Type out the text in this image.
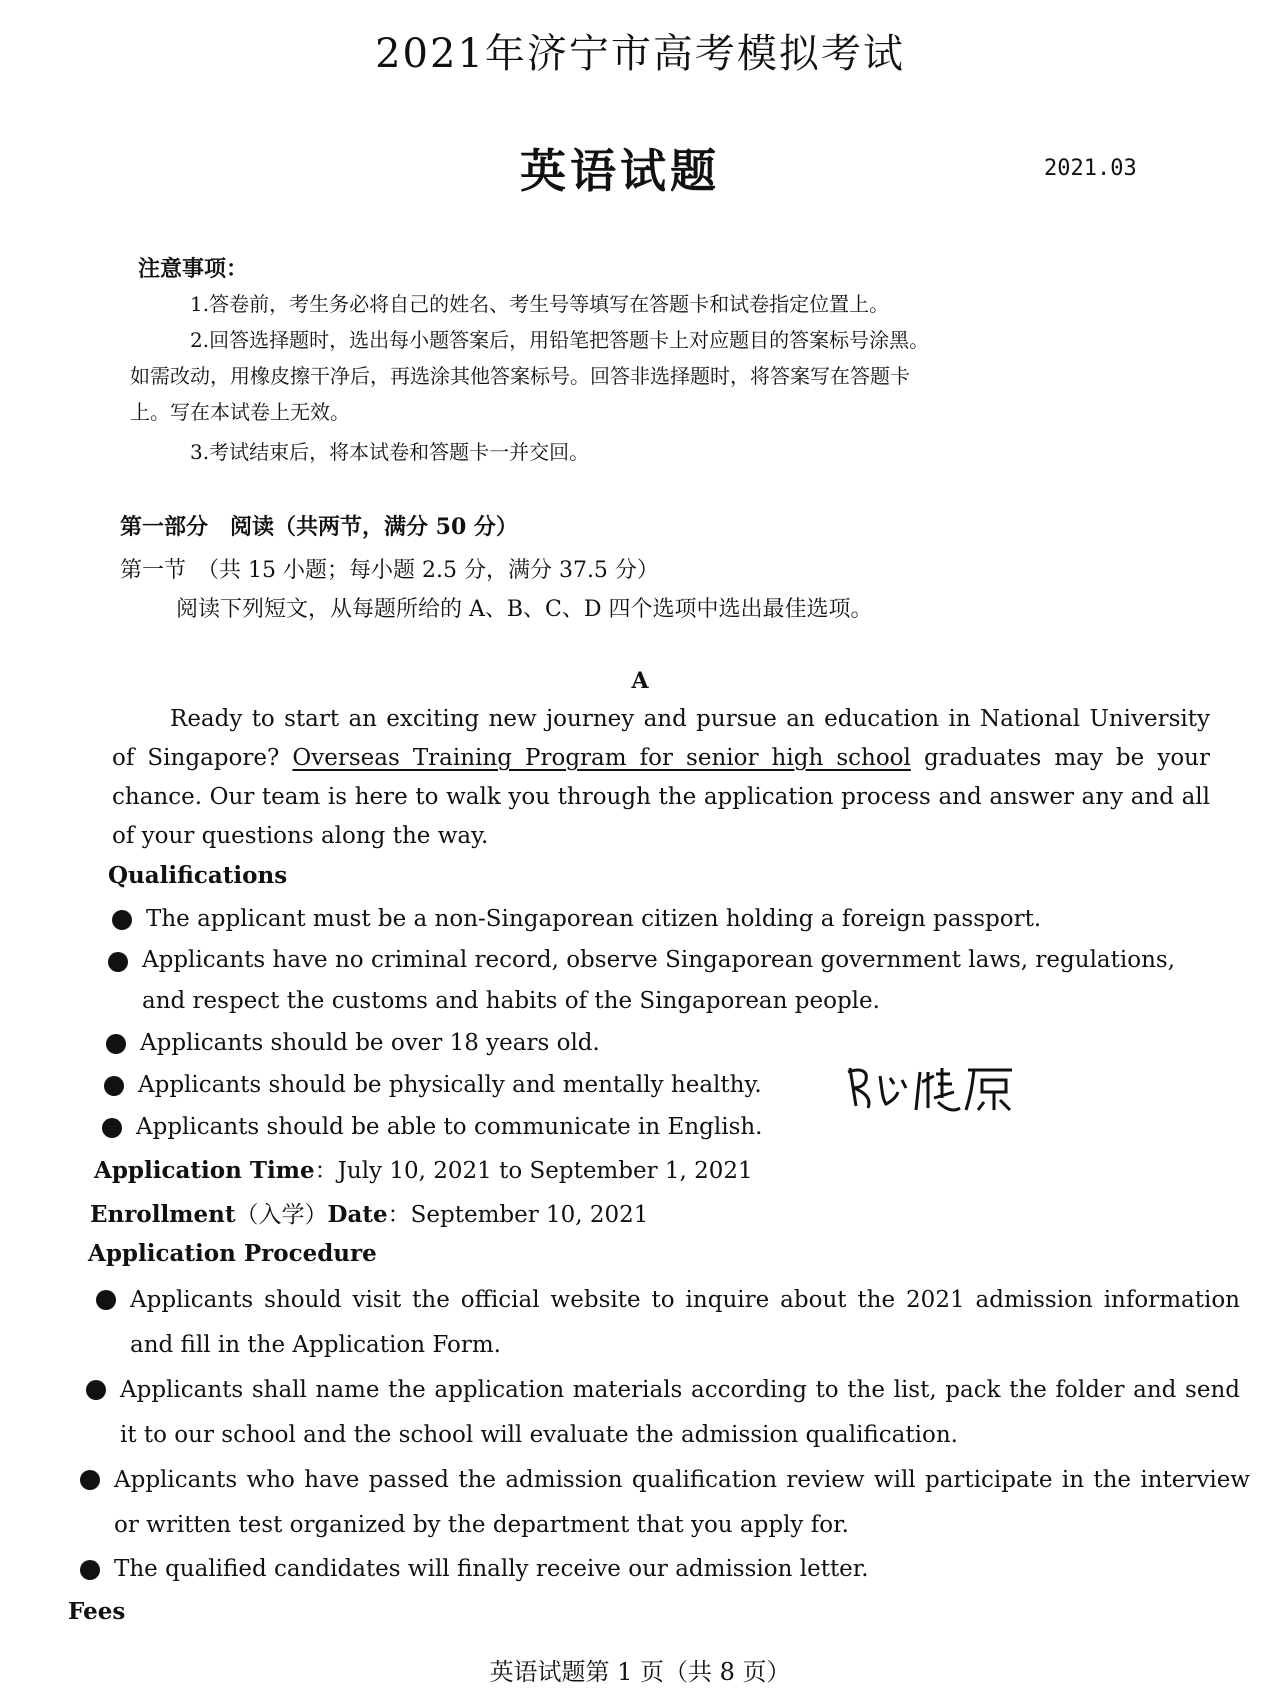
2021年济宁市高考模拟考试
英语试题	2021.03
注意事项：
1.答卷前，考生务必将自己的姓名、考生号等填写在答题卡和试卷指定位置上。
2.回答选择题时，选出每小题答案后，用铅笔把答题卡上对应题目的答案标号涂黑。
如需改动，用橡皮擦干净后，再选涂其他答案标号。回答非选择题时，将答案写在答题卡
上。写在本试卷上无效。
3.考试结束后，将本试卷和答题卡一并交回。
第一部分　阅读（共两节，满分 50 分）
第一节　（共 15 小题；每小题 2.5 分，满分 37.5 分）
阅读下列短文，从每题所给的 A、B、C、D 四个选项中选出最佳选项。
A
Ready to start an exciting new journey and pursue an education in National University of Singapore? Overseas Training Program for senior high school graduates may be your chance. Our team is here to walk you through the application process and answer any and all of your questions along the way.
Qualifications
The applicant must be a non-Singaporean citizen holding a foreign passport.
Applicants have no criminal record, observe Singaporean government laws, regulations, and respect the customs and habits of the Singaporean people.
Applicants should be over 18 years old.
Applicants should be physically and mentally healthy.
Applicants should be able to communicate in English.
Application Time：July 10, 2021 to September 1, 2021
Enrollment（入学）Date：September 10, 2021
Application Procedure
Applicants should visit the official website to inquire about the 2021 admission information and fill in the Application Form.
Applicants shall name the application materials according to the list, pack the folder and send it to our school and the school will evaluate the admission qualification.
Applicants who have passed the admission qualification review will participate in the interview or written test organized by the department that you apply for.
The qualified candidates will finally receive our admission letter.
Fees
英语试题第 1 页（共 8 页）
